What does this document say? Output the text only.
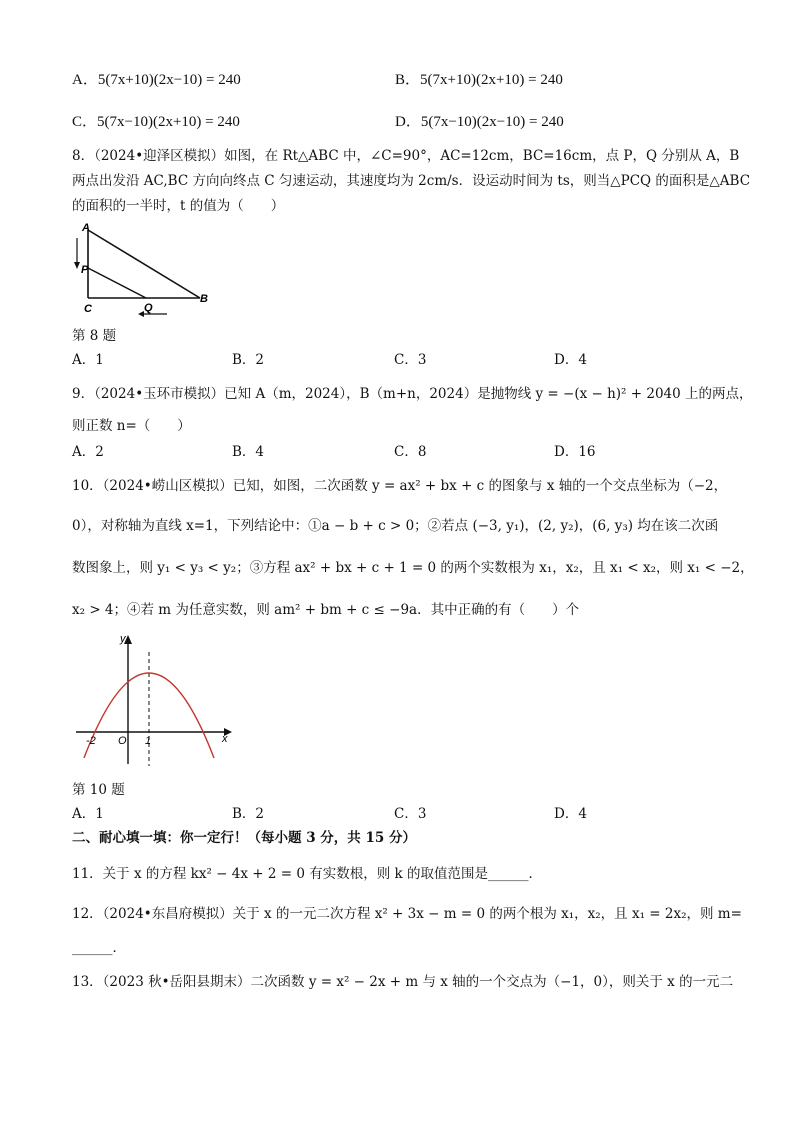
A．5(7x+10)(2x−10) = 240	B．5(7x+10)(2x+10) = 240
C．5(7x−10)(2x+10) = 240	D．5(7x−10)(2x−10) = 240
8．（2024•迎泽区模拟）如图，在 Rt△ABC 中，∠C=90°，AC=12cm，BC=16cm，点 P，Q 分别从 A，B
两点出发沿 AC,BC 方向向终点 C 匀速运动，其速度均为 2cm/s．设运动时间为 ts，则当△PCQ 的面积是△ABC
的面积的一半时，t 的值为（　　）
A
P
C	Q
B
第 8 题
A．1	B．2	C．3	D．4
9．（2024•玉环市模拟）已知 A（m，2024），B（m+n，2024）是抛物线 y = −(x − h)² + 2040 上的两点，
则正数 n=（　　）
A．2	B．4	C．8	D．16
10．（2024•崂山区模拟）已知，如图，二次函数 y = ax² + bx + c 的图象与 x 轴的一个交点坐标为（−2，
0），对称轴为直线 x=1，下列结论中：①a − b + c > 0；②若点 (−3, y₁)，(2, y₂)，(6, y₃) 均在该二次函
数图象上，则 y₁ < y₃ < y₂；③方程 ax² + bx + c + 1 = 0 的两个实数根为 x₁，x₂，且 x₁ < x₂，则 x₁ < −2，
x₂ > 4；④若 m 为任意实数，则 am² + bm + c ≤ −9a．其中正确的有（　　）个
y
x
O
-2	1
第 10 题
A．1	B．2	C．3	D．4
二、耐心填一填：你一定行！（每小题 3 分，共 15 分）
11．关于 x 的方程 kx² − 4x + 2 = 0 有实数根，则 k 的取值范围是______．
12．（2024•东昌府模拟）关于 x 的一元二次方程 x² + 3x − m = 0 的两个根为 x₁，x₂，且 x₁ = 2x₂，则 m=
______．
13．（2023 秋•岳阳县期末）二次函数 y = x² − 2x + m 与 x 轴的一个交点为（−1，0），则关于 x 的一元二
